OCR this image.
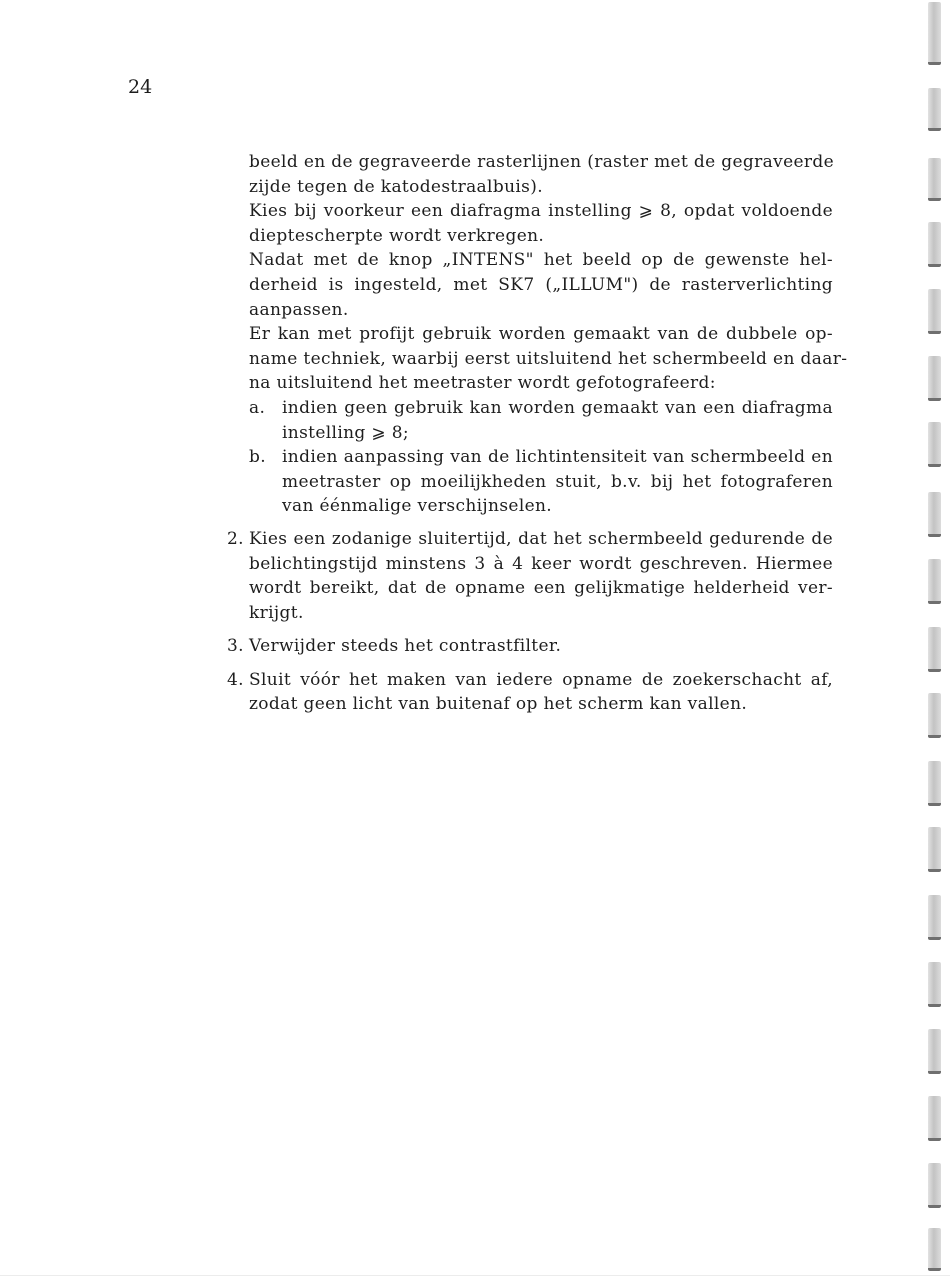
24
beeld en de gegraveerde rasterlijnen (raster met de gegraveerde
zijde tegen de katodestraalbuis).
Kies bij voorkeur een diafragma instelling ⩾ 8, opdat voldoende
dieptescherpte wordt verkregen.
Nadat met de knop „INTENS" het beeld op de gewenste hel-
derheid is ingesteld, met SK7 („ILLUM") de rasterverlichting
aanpassen.
Er kan met profijt gebruik worden gemaakt van de dubbele op-
name techniek, waarbij eerst uitsluitend het schermbeeld en daar-
na uitsluitend het meetraster wordt gefotografeerd:
a. indien geen gebruik kan worden gemaakt van een diafragma
instelling ⩾ 8;
b. indien aanpassing van de lichtintensiteit van schermbeeld en
meetraster op moeilijkheden stuit, b.v. bij het fotograferen
van éénmalige verschijnselen.
2. Kies een zodanige sluitertijd, dat het schermbeeld gedurende de
belichtingstijd minstens 3 à 4 keer wordt geschreven. Hiermee
wordt bereikt, dat de opname een gelijkmatige helderheid ver-
krijgt.
3. Verwijder steeds het contrastfilter.
4. Sluit vóór het maken van iedere opname de zoekerschacht af,
zodat geen licht van buitenaf op het scherm kan vallen.
